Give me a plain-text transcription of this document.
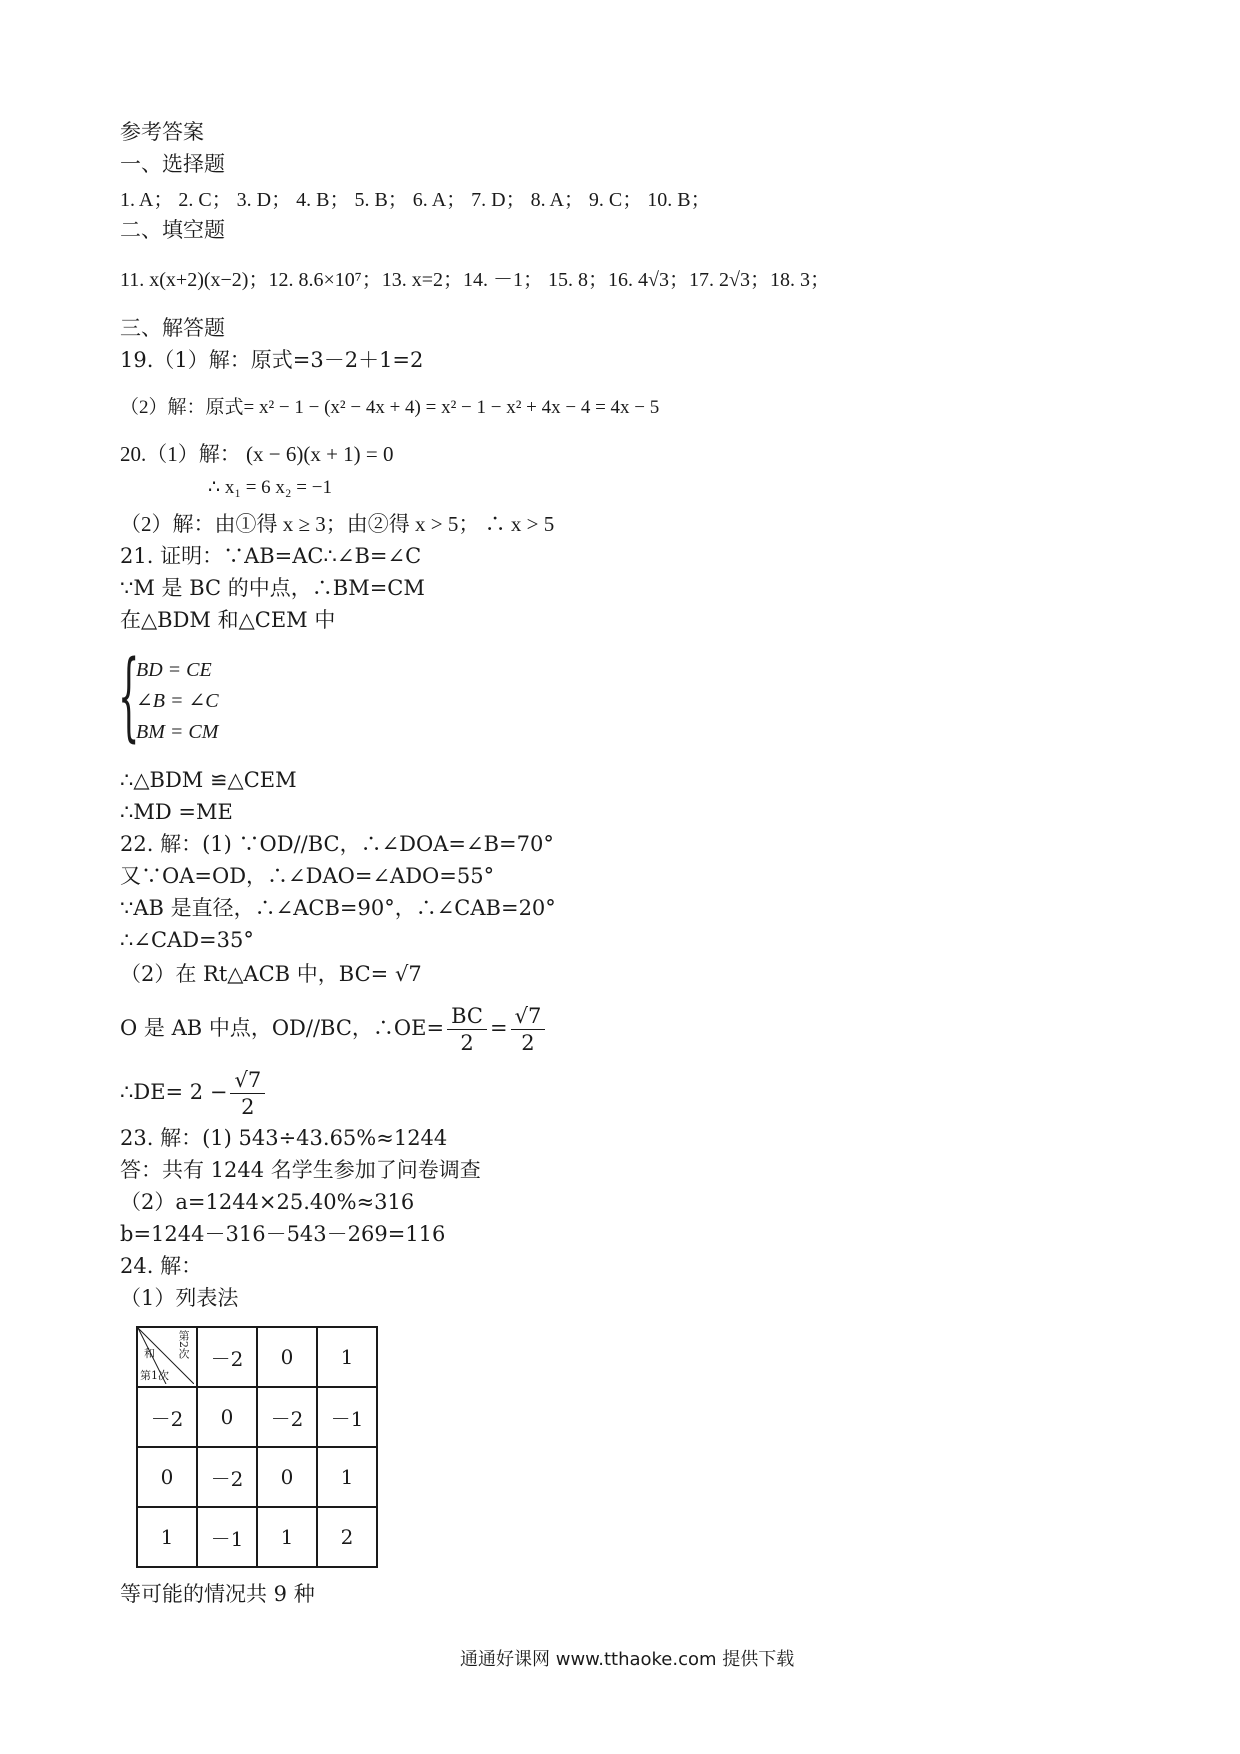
参考答案
一、选择题
1. A； 2. C； 3. D； 4. B； 5. B； 6. A； 7. D； 8. A； 9. C； 10. B；
二、填空题
11. x(x+2)(x−2)；12. 8.6×10⁷；13. x=2；14. －1； 15. 8；16. 4√3；17. 2√3；18. 3；
三、解答题
19.（1）解：原式=3－2＋1=2
（2）解：原式= x² − 1 − (x² − 4x + 4) = x² − 1 − x² + 4x − 4 = 4x − 5
20.（1）解： (x − 6)(x + 1) = 0
∴ x₁ = 6 x₂ = −1
（2）解：由①得 x ≥ 3；由②得 x > 5； ∴ x > 5
21. 证明：∵AB=AC∴∠B=∠C
∵M 是 BC 的中点，∴BM=CM
在△BDM 和△CEM 中
{
BD = CE
∠B = ∠C
BM = CM
∴△BDM ≌△CEM
∴MD =ME
22. 解：(1) ∵OD//BC，∴∠DOA=∠B=70°
又∵OA=OD，∴∠DAO=∠ADO=55°
∵AB 是直径，∴∠ACB=90°，∴∠CAB=20°
∴∠CAD=35°
（2）在 Rt△ACB 中，BC= √7
O 是 AB 中点，OD//BC，∴OE= $\frac{BC}{2} = \frac{√7}{2}$
∴DE= $2 - \frac{√7}{2}$
23. 解：(1) 543÷43.65%≈1244
答：共有 1244 名学生参加了问卷调查
（2）a=1244×25.40%≈316
b=1244－316－543－269=116
24. 解：
（1）列表法
第2次
和
第1次	－2	0	1
－2	0	－2	－1
0	－2	0	1
1	－1	1	2
等可能的情况共 9 种
通通好课网 www.tthaoke.com 提供下载
